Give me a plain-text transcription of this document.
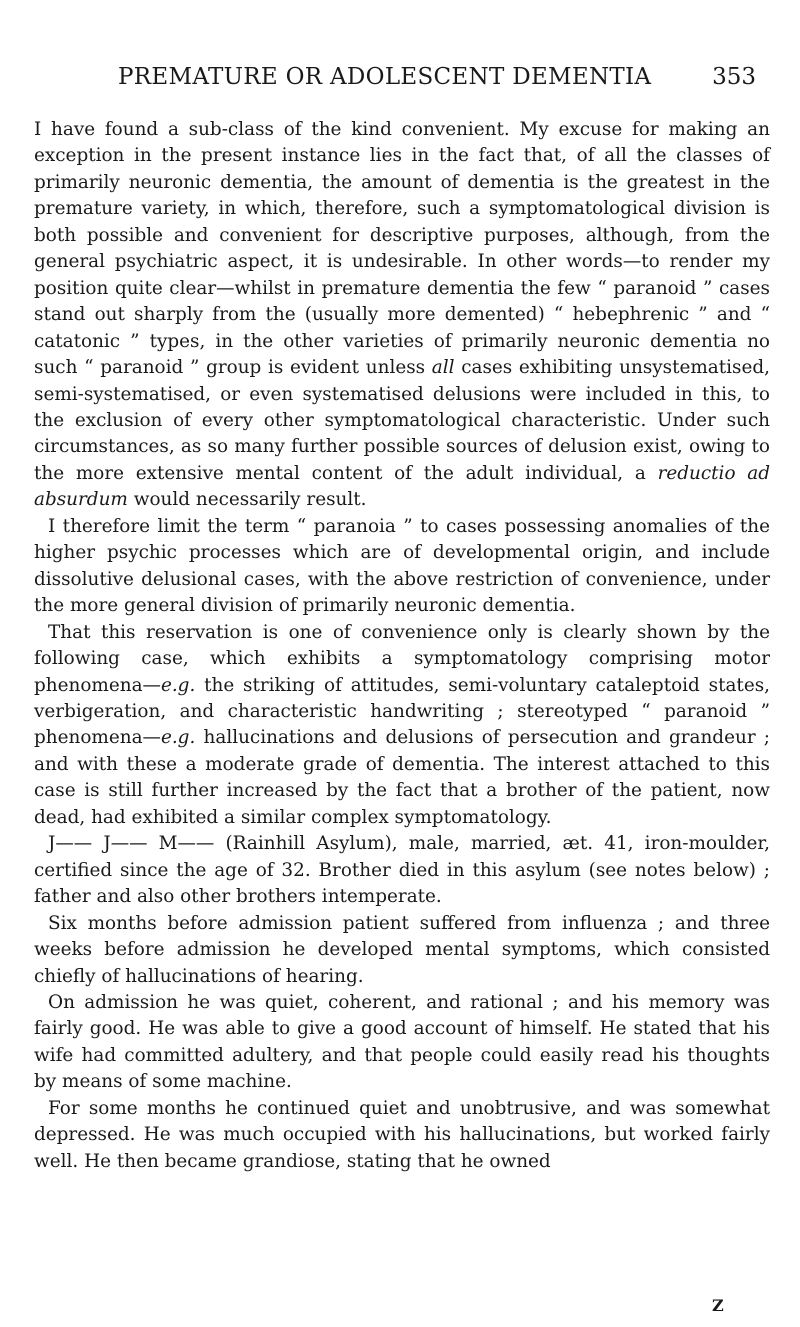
PREMATURE OR ADOLESCENT DEMENTIA	353

I have found a sub-class of the kind convenient. My excuse for making an exception in the present instance lies in the fact that, of all the classes of primarily neuronic dementia, the amount of dementia is the greatest in the premature variety, in which, therefore, such a symptomatological division is both possible and convenient for descriptive purposes, although, from the general psychiatric aspect, it is undesirable. In other words—to render my position quite clear—whilst in premature dementia the few “ paranoid ” cases stand out sharply from the (usually more demented) “ hebephrenic ” and “ catatonic ” types, in the other varieties of primarily neuronic dementia no such “ paranoid ” group is evident unless all cases exhibiting unsystematised, semi-systematised, or even systematised delusions were included in this, to the exclusion of every other symptomatological characteristic. Under such circumstances, as so many further possible sources of delusion exist, owing to the more extensive mental content of the adult individual, a reductio ad absurdum would necessarily result.

I therefore limit the term “ paranoia ” to cases possessing anomalies of the higher psychic processes which are of developmental origin, and include dissolutive delusional cases, with the above restriction of convenience, under the more general division of primarily neuronic dementia.

That this reservation is one of convenience only is clearly shown by the following case, which exhibits a symptomatology comprising motor phenomena—e.g. the striking of attitudes, semi-voluntary cataleptoid states, verbigeration, and characteristic handwriting ; stereotyped “ paranoid ” phenomena—e.g. hallucinations and delusions of persecution and grandeur ; and with these a moderate grade of dementia. The interest attached to this case is still further increased by the fact that a brother of the patient, now dead, had exhibited a similar complex symptomatology.

J—— J—— M—— (Rainhill Asylum), male, married, æt. 41, iron-moulder, certified since the age of 32. Brother died in this asylum (see notes below) ; father and also other brothers intemperate.

Six months before admission patient suffered from influenza ; and three weeks before admission he developed mental symptoms, which consisted chiefly of hallucinations of hearing.

On admission he was quiet, coherent, and rational ; and his memory was fairly good. He was able to give a good account of himself. He stated that his wife had committed adultery, and that people could easily read his thoughts by means of some machine.

For some months he continued quiet and unobtrusive, and was somewhat depressed. He was much occupied with his hallucinations, but worked fairly well. He then became grandiose, stating that he owned

Z
